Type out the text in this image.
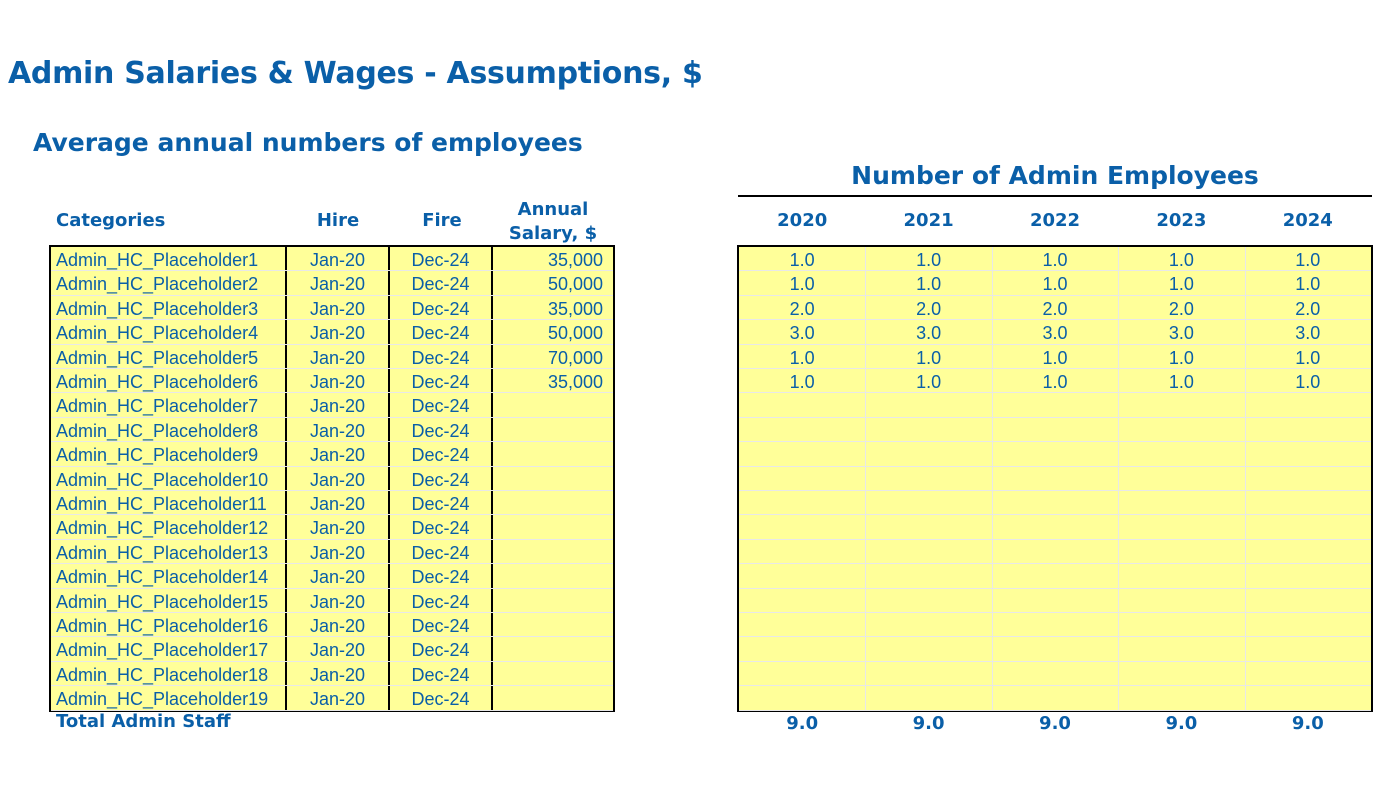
Admin Salaries & Wages - Assumptions, $
Average annual numbers of employees
Categories	Hire	Fire
Annual
Salary, $
Number of Admin Employees
2020	2021	2022	2023	2024
Admin_HC_Placeholder1	Jan-20	Dec-24	35,000
Admin_HC_Placeholder2	Jan-20	Dec-24	50,000
Admin_HC_Placeholder3	Jan-20	Dec-24	35,000
Admin_HC_Placeholder4	Jan-20	Dec-24	50,000
Admin_HC_Placeholder5	Jan-20	Dec-24	70,000
Admin_HC_Placeholder6	Jan-20	Dec-24	35,000
Admin_HC_Placeholder7	Jan-20	Dec-24
Admin_HC_Placeholder8	Jan-20	Dec-24
Admin_HC_Placeholder9	Jan-20	Dec-24
Admin_HC_Placeholder10	Jan-20	Dec-24
Admin_HC_Placeholder11	Jan-20	Dec-24
Admin_HC_Placeholder12	Jan-20	Dec-24
Admin_HC_Placeholder13	Jan-20	Dec-24
Admin_HC_Placeholder14	Jan-20	Dec-24
Admin_HC_Placeholder15	Jan-20	Dec-24
Admin_HC_Placeholder16	Jan-20	Dec-24
Admin_HC_Placeholder17	Jan-20	Dec-24
Admin_HC_Placeholder18	Jan-20	Dec-24
Admin_HC_Placeholder19	Jan-20	Dec-24
1.0	1.0	1.0	1.0	1.0
1.0	1.0	1.0	1.0	1.0
2.0	2.0	2.0	2.0	2.0
3.0	3.0	3.0	3.0	3.0
1.0	1.0	1.0	1.0	1.0
1.0	1.0	1.0	1.0	1.0
Total Admin Staff	9.0	9.0	9.0	9.0	9.0
